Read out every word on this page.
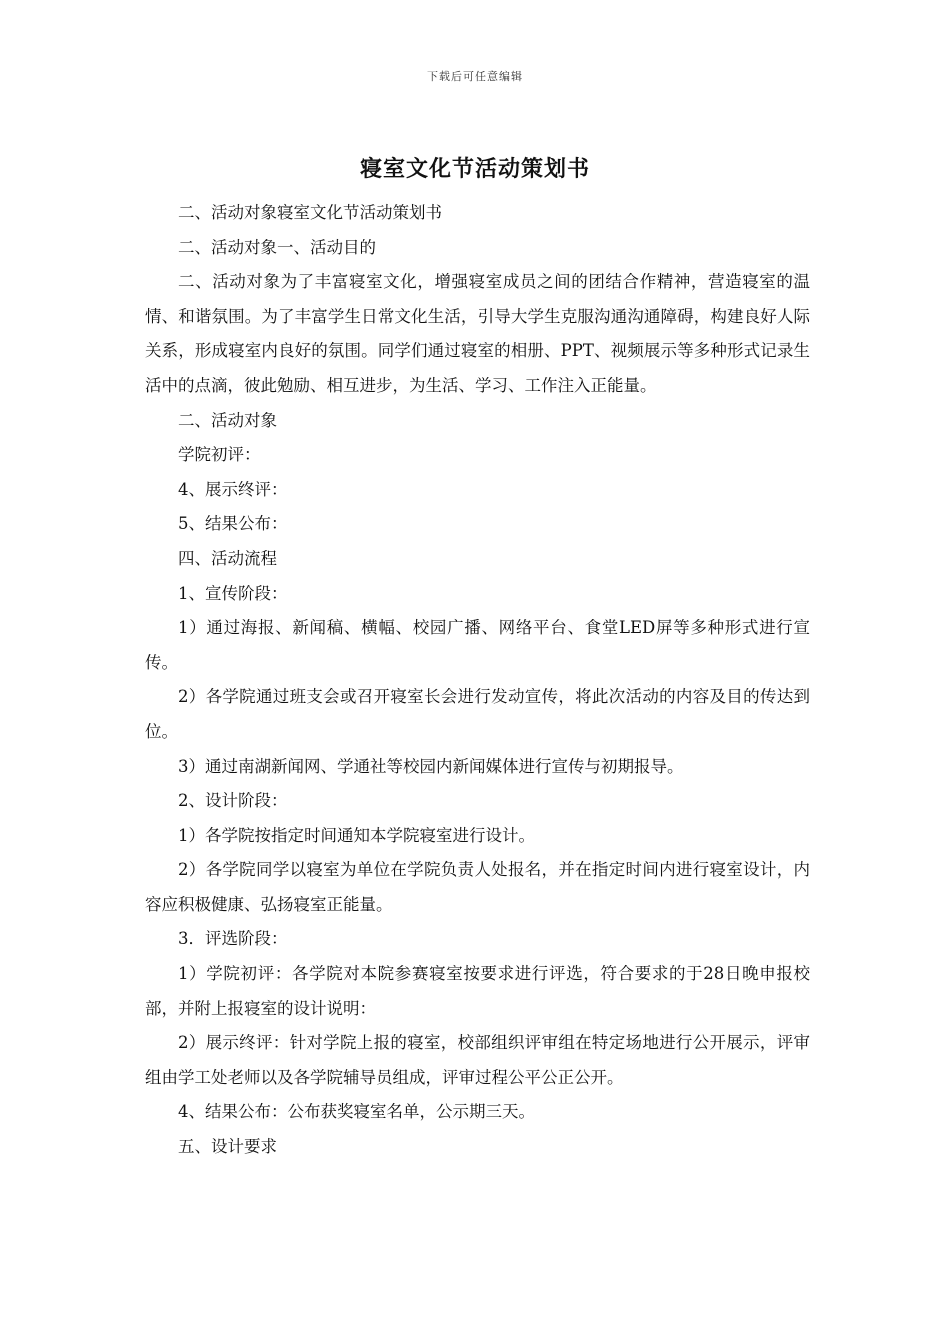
下载后可任意编辑
寝室文化节活动策划书

二、活动对象寝室文化节活动策划书

二、活动对象一、活动目的

二、活动对象为了丰富寝室文化，增强寝室成员之间的团结合作精神，营造寝室的温情、和谐氛围。为了丰富学生日常文化生活，引导大学生克服沟通沟通障碍，构建良好人际关系，形成寝室内良好的氛围。同学们通过寝室的相册、PPT、视频展示等多种形式记录生活中的点滴，彼此勉励、相互进步，为生活、学习、工作注入正能量。

二、活动对象

学院初评：

4、展示终评：

5、结果公布：

四、活动流程

1、宣传阶段：

1）通过海报、新闻稿、横幅、校园广播、网络平台、食堂LED屏等多种形式进行宣传。

2）各学院通过班支会或召开寝室长会进行发动宣传，将此次活动的内容及目的传达到位。

3）通过南湖新闻网、学通社等校园内新闻媒体进行宣传与初期报导。

2、设计阶段：

1）各学院按指定时间通知本学院寝室进行设计。

2）各学院同学以寝室为单位在学院负责人处报名，并在指定时间内进行寝室设计，内容应积极健康、弘扬寝室正能量。

3．评选阶段：

1）学院初评：各学院对本院参赛寝室按要求进行评选，符合要求的于28日晚申报校部，并附上报寝室的设计说明：

2）展示终评：针对学院上报的寝室，校部组织评审组在特定场地进行公开展示，评审组由学工处老师以及各学院辅导员组成，评审过程公平公正公开。

4、结果公布：公布获奖寝室名单，公示期三天。

五、设计要求
